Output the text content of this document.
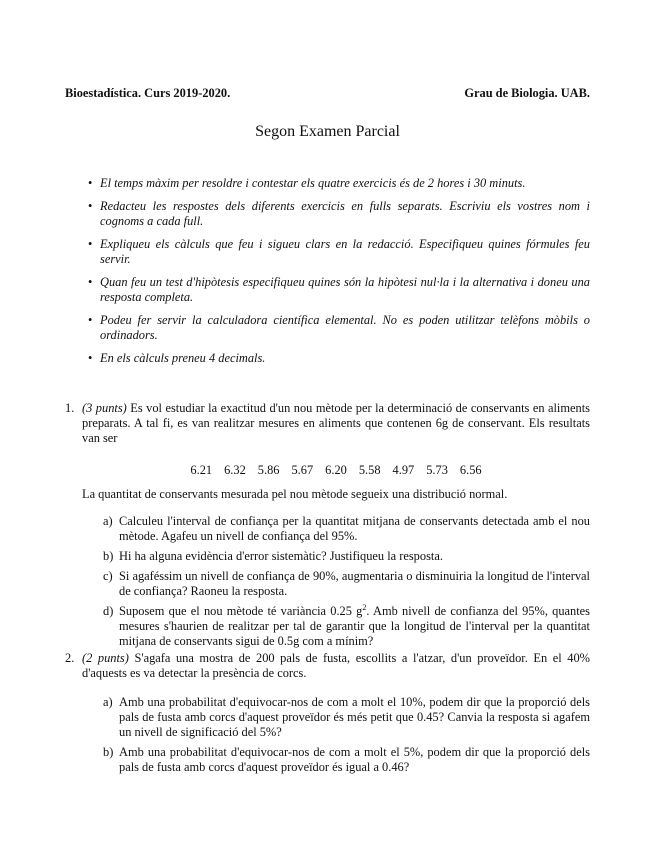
Bioestadística. Curs 2019-2020.	Grau de Biologia. UAB.
Segon Examen Parcial
• El temps màxim per resoldre i contestar els quatre exercicis és de 2 hores i 30 minuts.
• Redacteu les respostes dels diferents exercicis en fulls separats. Escriviu els vostres nom i cognoms a cada full.
• Expliqueu els càlculs que feu i sigueu clars en la redacció. Especifiqueu quines fórmules feu servir.
• Quan feu un test d'hipòtesis especifiqueu quines són la hipòtesi nul·la i la alternativa i doneu una resposta completa.
• Podeu fer servir la calculadora científica elemental. No es poden utilitzar telèfons mòbils o ordinadors.
• En els càlculs preneu 4 decimals.
1. (3 punts) Es vol estudiar la exactitud d'un nou mètode per la determinació de conservants en aliments preparats. A tal fi, es van realitzar mesures en aliments que contenen 6g de conservant. Els resultats van ser
6.21 6.32 5.86 5.67 6.20 5.58 4.97 5.73 6.56
La quantitat de conservants mesurada pel nou mètode segueix una distribució normal.
a) Calculeu l'interval de confiança per la quantitat mitjana de conservants detectada amb el nou mètode. Agafeu un nivell de confiança del 95%.
b) Hi ha alguna evidència d'error sistemàtic? Justifiqueu la resposta.
c) Si agaféssim un nivell de confiança de 90%, augmentaria o disminuiria la longitud de l'interval de confiança? Raoneu la resposta.
d) Suposem que el nou mètode té variància 0.25 $g^2$. Amb nivell de confianza del 95%, quantes mesures s'haurien de realitzar per tal de garantir que la longitud de l'interval per la quantitat mitjana de conservants sigui de 0.5g com a mínim?
2. (2 punts) S'agafa una mostra de 200 pals de fusta, escollits a l'atzar, d'un proveïdor. En el 40% d'aquests es va detectar la presència de corcs.
a) Amb una probabilitat d'equivocar-nos de com a molt el 10%, podem dir que la proporció dels pals de fusta amb corcs d'aquest proveïdor és més petit que 0.45? Canvia la resposta si agafem un nivell de significació del 5%?
b) Amb una probabilitat d'equivocar-nos de com a molt el 5%, podem dir que la proporció dels pals de fusta amb corcs d'aquest proveïdor és igual a 0.46?
